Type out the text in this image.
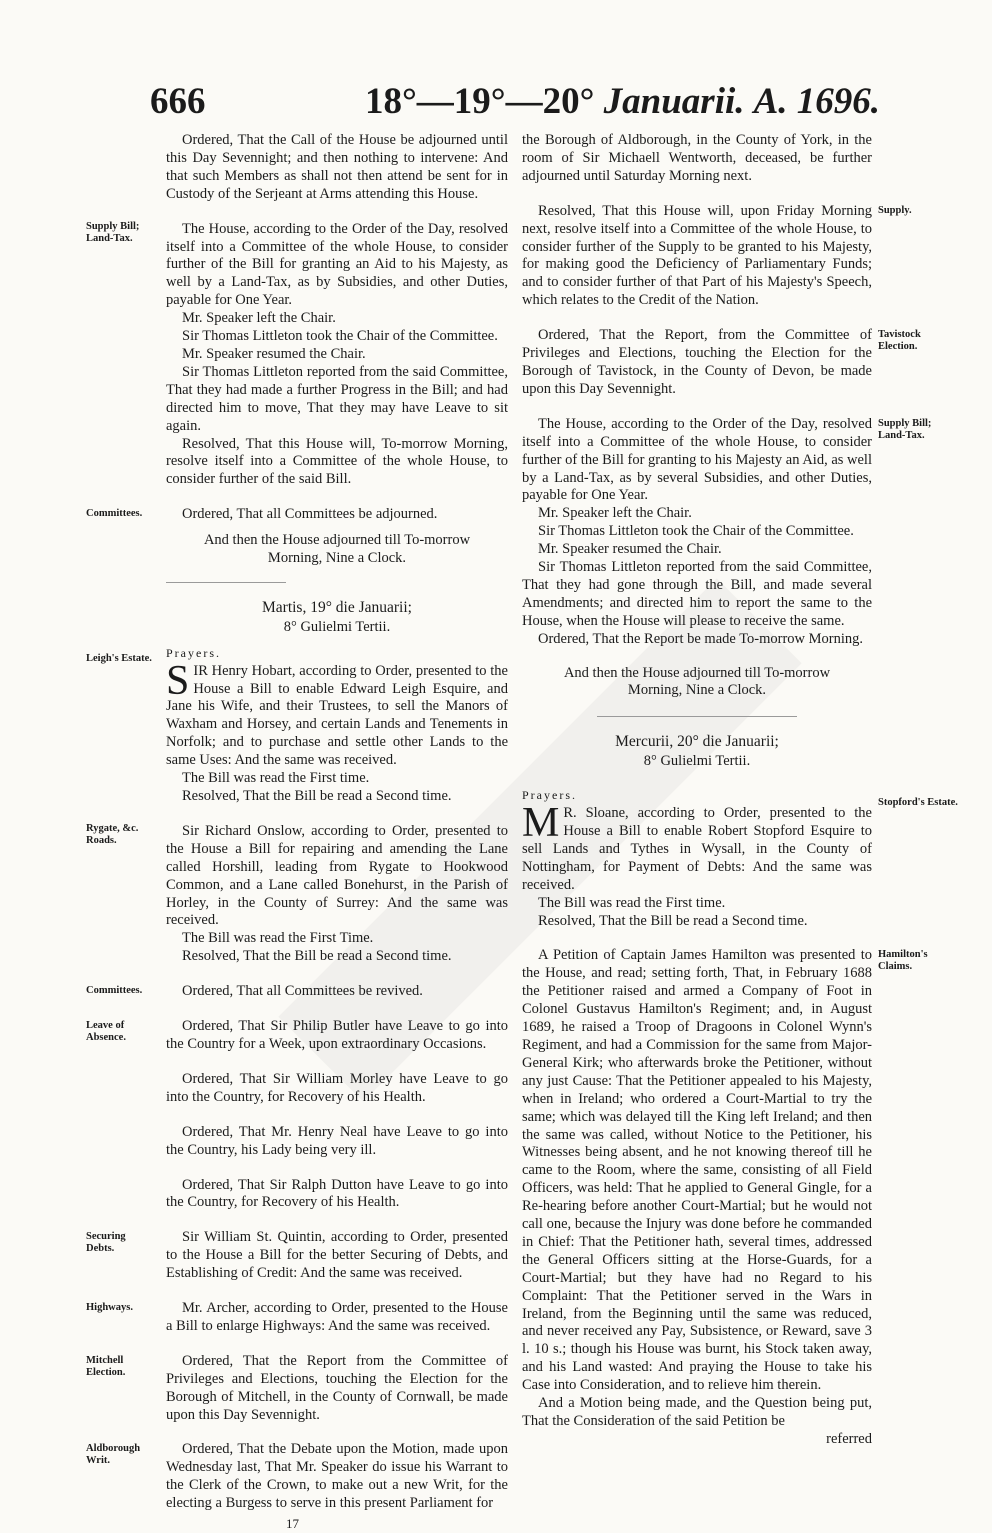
666	18°—19°—20° Januarii. A. 1696.

Ordered, That the Call of the House be adjourned until this Day Sevennight; and then nothing to intervene: And that such Members as shall not then attend be sent for in Custody of the Serjeant at Arms attending this House.

Supply Bill; Land-Tax.
The House, according to the Order of the Day, resolved itself into a Committee of the whole House, to consider further of the Bill for granting an Aid to his Majesty, as well by a Land-Tax, as by Subsidies, and other Duties, payable for One Year.

Mr. Speaker left the Chair.

Sir Thomas Littleton took the Chair of the Committee.

Mr. Speaker resumed the Chair.

Sir Thomas Littleton reported from the said Committee, That they had made a further Progress in the Bill; and had directed him to move, That they may have Leave to sit again.

Resolved, That this House will, To-morrow Morning, resolve itself into a Committee of the whole House, to consider further of the said Bill.

Committees.	Ordered, That all Committees be adjourned.

And then the House adjourned till To-morrow Morning, Nine a Clock.

Martis, 19° die Januarii;

8° Gulielmi Tertii.

Leigh's Estate. Prayers.

S IR Henry Hobart, according to Order, presented to the House a Bill to enable Edward Leigh Esquire, and Jane his Wife, and their Trustees, to sell the Manors of Waxham and Horsey, and certain Lands and Tenements in Norfolk; and to purchase and settle other Lands to the same Uses: And the same was received.

The Bill was read the First time.

Resolved, That the Bill be read a Second time.

Rygate, &c. Roads.
Sir Richard Onslow, according to Order, presented to the House a Bill for repairing and amending the Lane called Horshill, leading from Rygate to Hookwood Common, and a Lane called Bonehurst, in the Parish of Horley, in the County of Surrey: And the same was received.

The Bill was read the First Time.

Resolved, That the Bill be read a Second time.

Committees.	Ordered, That all Committees be revived.

Leave of Absence.
Ordered, That Sir Philip Butler have Leave to go into the Country for a Week, upon extraordinary Occasions.

Ordered, That Sir William Morley have Leave to go into the Country, for Recovery of his Health.

Ordered, That Mr. Henry Neal have Leave to go into the Country, his Lady being very ill.

Ordered, That Sir Ralph Dutton have Leave to go into the Country, for Recovery of his Health.

Securing Debts.
Sir William St. Quintin, according to Order, presented to the House a Bill for the better Securing of Debts, and Establishing of Credit: And the same was received.

Highways.	Mr. Archer, according to Order, presented to the House a Bill to enlarge Highways: And the same was received.

Mitchell Election.
Ordered, That the Report from the Committee of Privileges and Elections, touching the Election for the Borough of Mitchell, in the County of Cornwall, be made upon this Day Sevennight.

Aldborough Writ.
Ordered, That the Debate upon the Motion, made upon Wednesday last, That Mr. Speaker do issue his Warrant to the Clerk of the Crown, to make out a new Writ, for the electing a Burgess to serve in this present Parliament for

17

the Borough of Aldborough, in the County of York, in the room of Sir Michaell Wentworth, deceased, be further adjourned until Saturday Morning next.

Supply.
Resolved, That this House will, upon Friday Morning next, resolve itself into a Committee of the whole House, to consider further of the Supply to be granted to his Majesty, for making good the Deficiency of Parliamentary Funds; and to consider further of that Part of his Majesty's Speech, which relates to the Credit of the Nation.

Tavistock Election.
Ordered, That the Report, from the Committee of Privileges and Elections, touching the Election for the Borough of Tavistock, in the County of Devon, be made upon this Day Sevennight.

Supply Bill; Land-Tax.
The House, according to the Order of the Day, resolved itself into a Committee of the whole House, to consider further of the Bill for granting to his Majesty an Aid, as well by a Land-Tax, as by several Subsidies, and other Duties, payable for One Year.

Mr. Speaker left the Chair.

Sir Thomas Littleton took the Chair of the Committee.

Mr. Speaker resumed the Chair.

Sir Thomas Littleton reported from the said Committee, That they had gone through the Bill, and made several Amendments; and directed him to report the same to the House, when the House will please to receive the same.

Ordered, That the Report be made To-morrow Morning.

And then the House adjourned till To-morrow Morning, Nine a Clock.

Mercurii, 20° die Januarii;

8° Gulielmi Tertii.

Stopford's Estate.
Prayers.

M R. Sloane, according to Order, presented to the House a Bill to enable Robert Stopford Esquire to sell Lands and Tythes in Wysall, in the County of Nottingham, for Payment of Debts: And the same was received.

The Bill was read the First time.

Resolved, That the Bill be read a Second time.

Hamilton's Claims.
A Petition of Captain James Hamilton was presented to the House, and read; setting forth, That, in February 1688 the Petitioner raised and armed a Company of Foot in Colonel Gustavus Hamilton's Regiment; and, in August 1689, he raised a Troop of Dragoons in Colonel Wynn's Regiment, and had a Commission for the same from Major-General Kirk; who afterwards broke the Petitioner, without any just Cause: That the Petitioner appealed to his Majesty, when in Ireland; who ordered a Court-Martial to try the same; which was delayed till the King left Ireland; and then the same was called, without Notice to the Petitioner, his Witnesses being absent, and he not knowing thereof till he came to the Room, where the same, consisting of all Field Officers, was held: That he applied to General Gingle, for a Re-hearing before another Court-Martial; but he would not call one, because the Injury was done before he commanded in Chief: That the Petitioner hath, several times, addressed the General Officers sitting at the Horse-Guards, for a Court-Martial; but they have had no Regard to his Complaint: That the Petitioner served in the Wars in Ireland, from the Beginning until the same was reduced, and never received any Pay, Subsistence, or Reward, save 3 l. 10 s.; though his House was burnt, his Stock taken away, and his Land wasted: And praying the House to take his Case into Consideration, and to relieve him therein.

And a Motion being made, and the Question being put, That the Consideration of the said Petition be

referred
